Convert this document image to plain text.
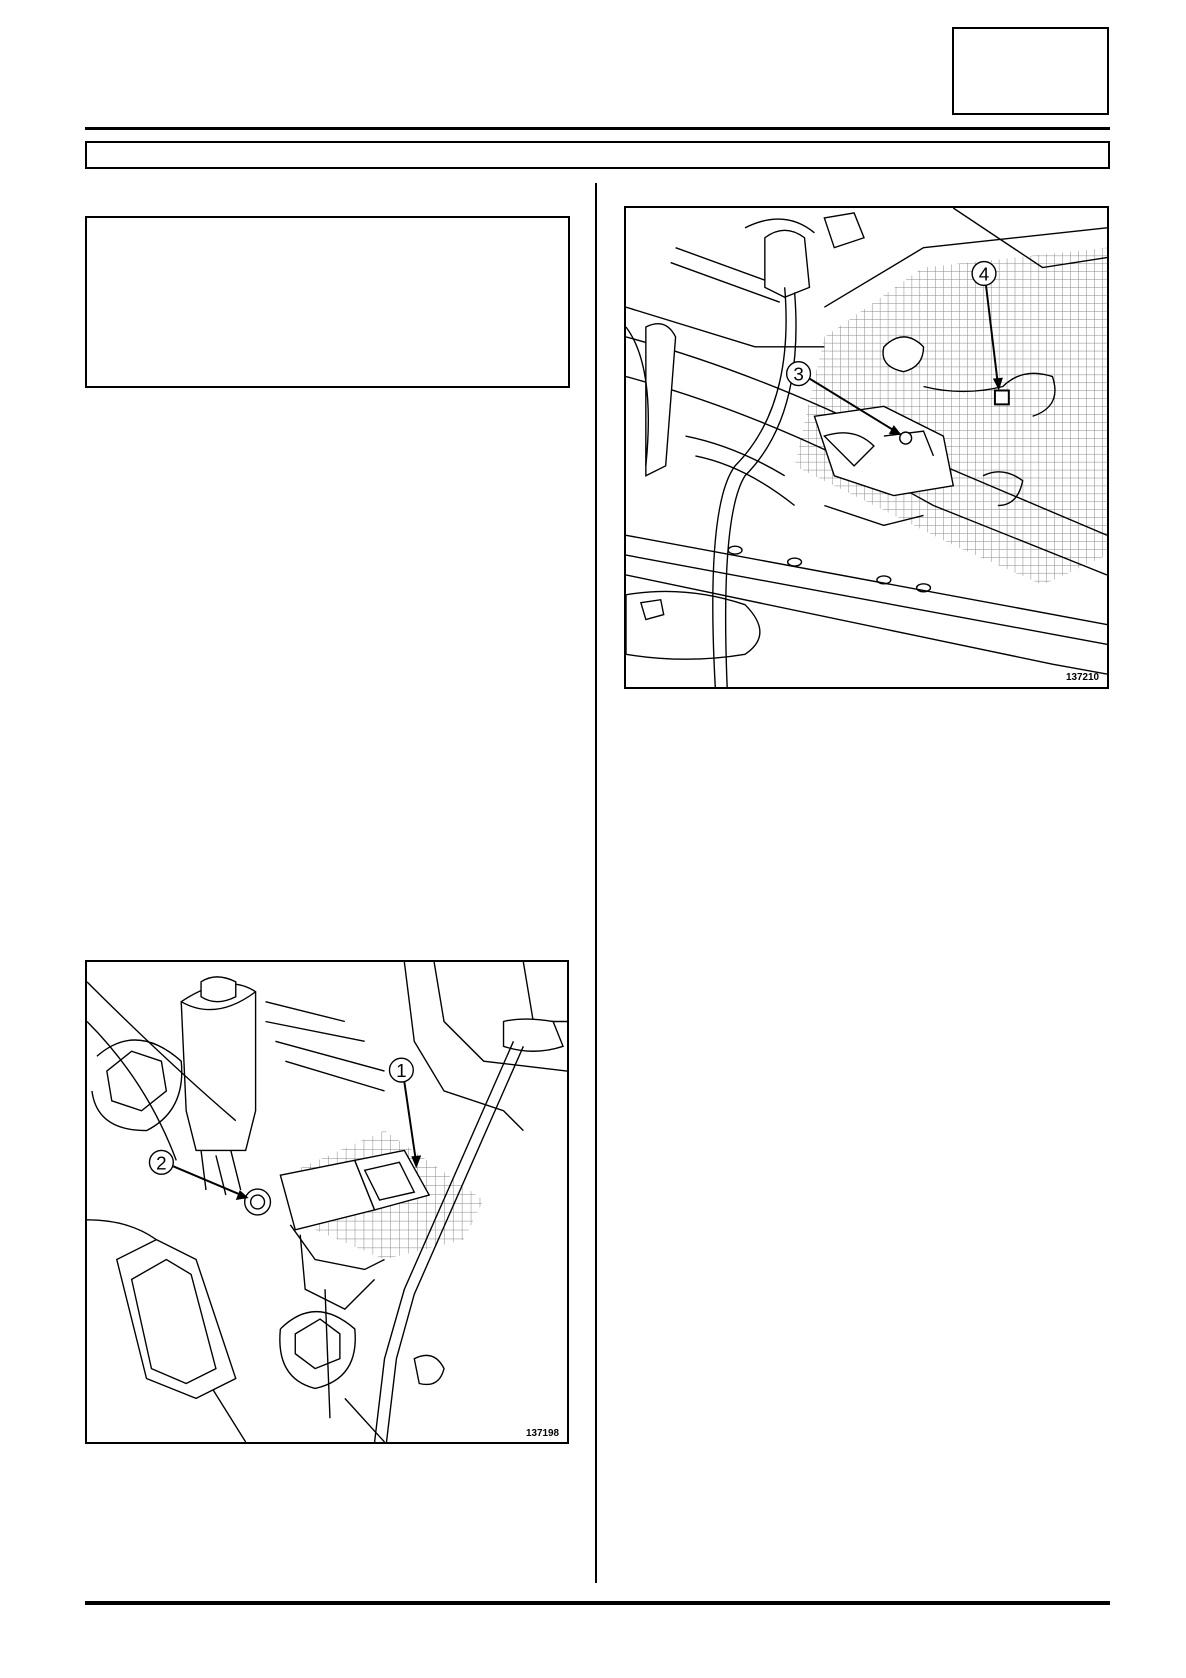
1
2
137198
3
4
137210
